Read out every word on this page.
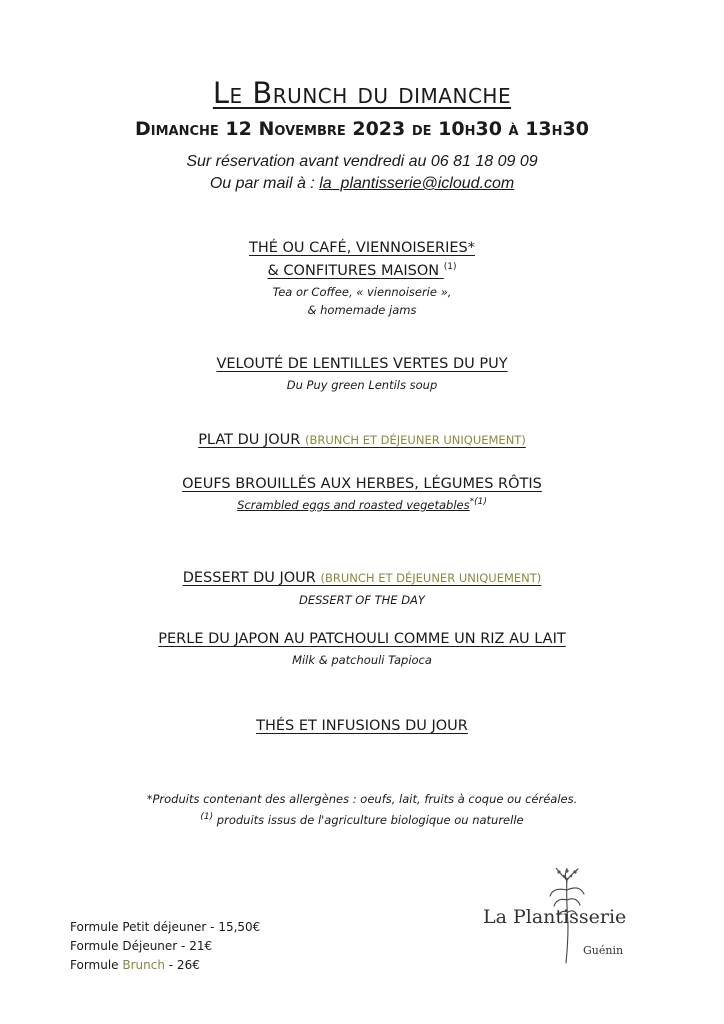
Le Brunch du dimanche
Dimanche 12 Novembre 2023 de 10h30 à 13h30
Sur réservation avant vendredi au 06 81 18 09 09
Ou par mail à : la_plantisserie@icloud.com
THÉ OU CAFÉ, VIENNOISERIES*
& CONFITURES MAISON (1)
Tea or Coffee, « viennoiserie »,
& homemade jams
VELOUTÉ DE LENTILLES VERTES DU PUY
Du Puy green Lentils soup
PLAT DU JOUR (BRUNCH ET DÉJEUNER UNIQUEMENT)
OEUFS BROUILLÉS AUX HERBES, LÉGUMES RÔTIS
Scrambled eggs and roasted vegetables*(1)
DESSERT DU JOUR (BRUNCH ET DÉJEUNER UNIQUEMENT)
DESSERT OF THE DAY
PERLE DU JAPON AU PATCHOULI COMME UN RIZ AU LAIT
Milk & patchouli Tapioca
THÉS ET INFUSIONS DU JOUR
*Produits contenant des allergènes : oeufs, lait, fruits à coque ou céréales.
(1) produits issus de l'agriculture biologique ou naturelle
Formule Petit déjeuner - 15,50€
Formule Déjeuner - 21€
Formule Brunch - 26€
La Plantisserie
Guénin
